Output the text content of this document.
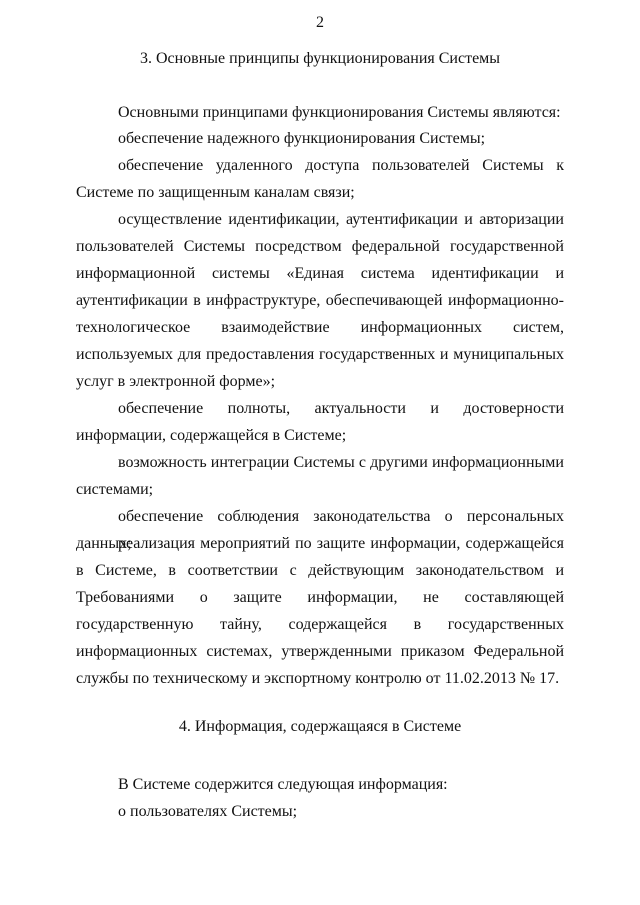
2
3. Основные принципы функционирования Системы
Основными принципами функционирования Системы являются:
обеспечение надежного функционирования Системы;
обеспечение удаленного доступа пользователей Системы к Системе по защищенным каналам связи;
осуществление идентификации, аутентификации и авторизации пользователей Системы посредством федеральной государственной информационной системы «Единая система идентификации и аутентификации в инфраструктуре, обеспечивающей информационно-технологическое взаимодействие информационных систем, используемых для предоставления государственных и муниципальных услуг в электронной форме»;
обеспечение полноты, актуальности и достоверности информации, содержащейся в Системе;
возможность интеграции Системы с другими информационными системами;
обеспечение соблюдения законодательства о персональных данных;
реализация мероприятий по защите информации, содержащейся в Системе, в соответствии с действующим законодательством и Требованиями о защите информации, не составляющей государственную тайну, содержащейся в государственных информационных системах, утвержденными приказом Федеральной службы по техническому и экспортному контролю от 11.02.2013 № 17.
4. Информация, содержащаяся в Системе
В Системе содержится следующая информация:
о пользователях Системы;
